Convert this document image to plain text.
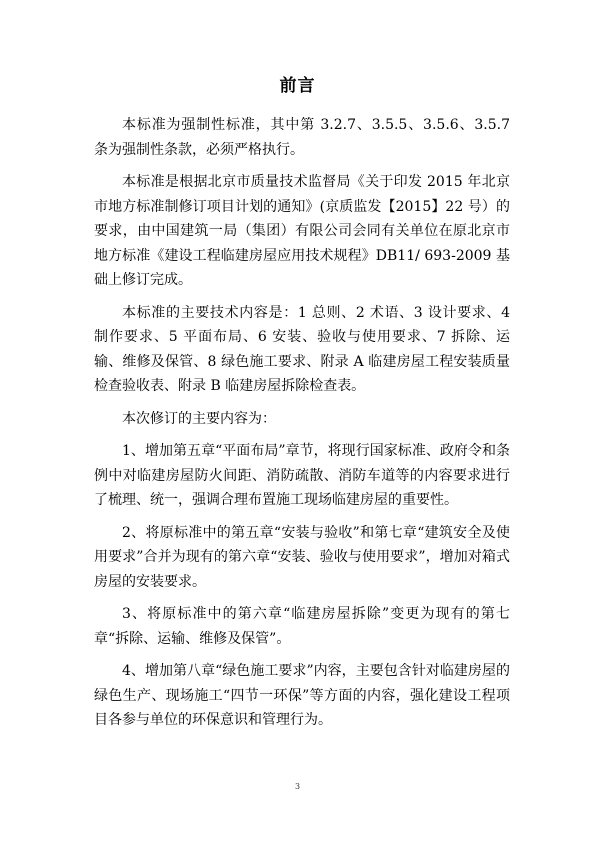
前言

本标准为强制性标准，其中第 3.2.7、3.5.5、3.5.6、3.5.7 条为强制性条款，必须严格执行。

本标准是根据北京市质量技术监督局《关于印发 2015 年北京市地方标准制修订项目计划的通知》(京质监发【2015】22 号）的要求，由中国建筑一局（集团）有限公司会同有关单位在原北京市地方标准《建设工程临建房屋应用技术规程》DB11/ 693-2009 基础上修订完成。

本标准的主要技术内容是：1 总则、2 术语、3 设计要求、4 制作要求、5 平面布局、6 安装、验收与使用要求、7 拆除、运输、维修及保管、8 绿色施工要求、附录 A 临建房屋工程安装质量检查验收表、附录 B 临建房屋拆除检查表。

本次修订的主要内容为：

1、增加第五章“平面布局”章节，将现行国家标准、政府令和条例中对临建房屋防火间距、消防疏散、消防车道等的内容要求进行了梳理、统一，强调合理布置施工现场临建房屋的重要性。

2、将原标准中的第五章“安装与验收”和第七章“建筑安全及使用要求”合并为现有的第六章“安装、验收与使用要求”，增加对箱式房屋的安装要求。

3、将原标准中的第六章“临建房屋拆除”变更为现有的第七章“拆除、运输、维修及保管”。

4、增加第八章“绿色施工要求”内容，主要包含针对临建房屋的绿色生产、现场施工“四节一环保”等方面的内容，强化建设工程项目各参与单位的环保意识和管理行为。

3
